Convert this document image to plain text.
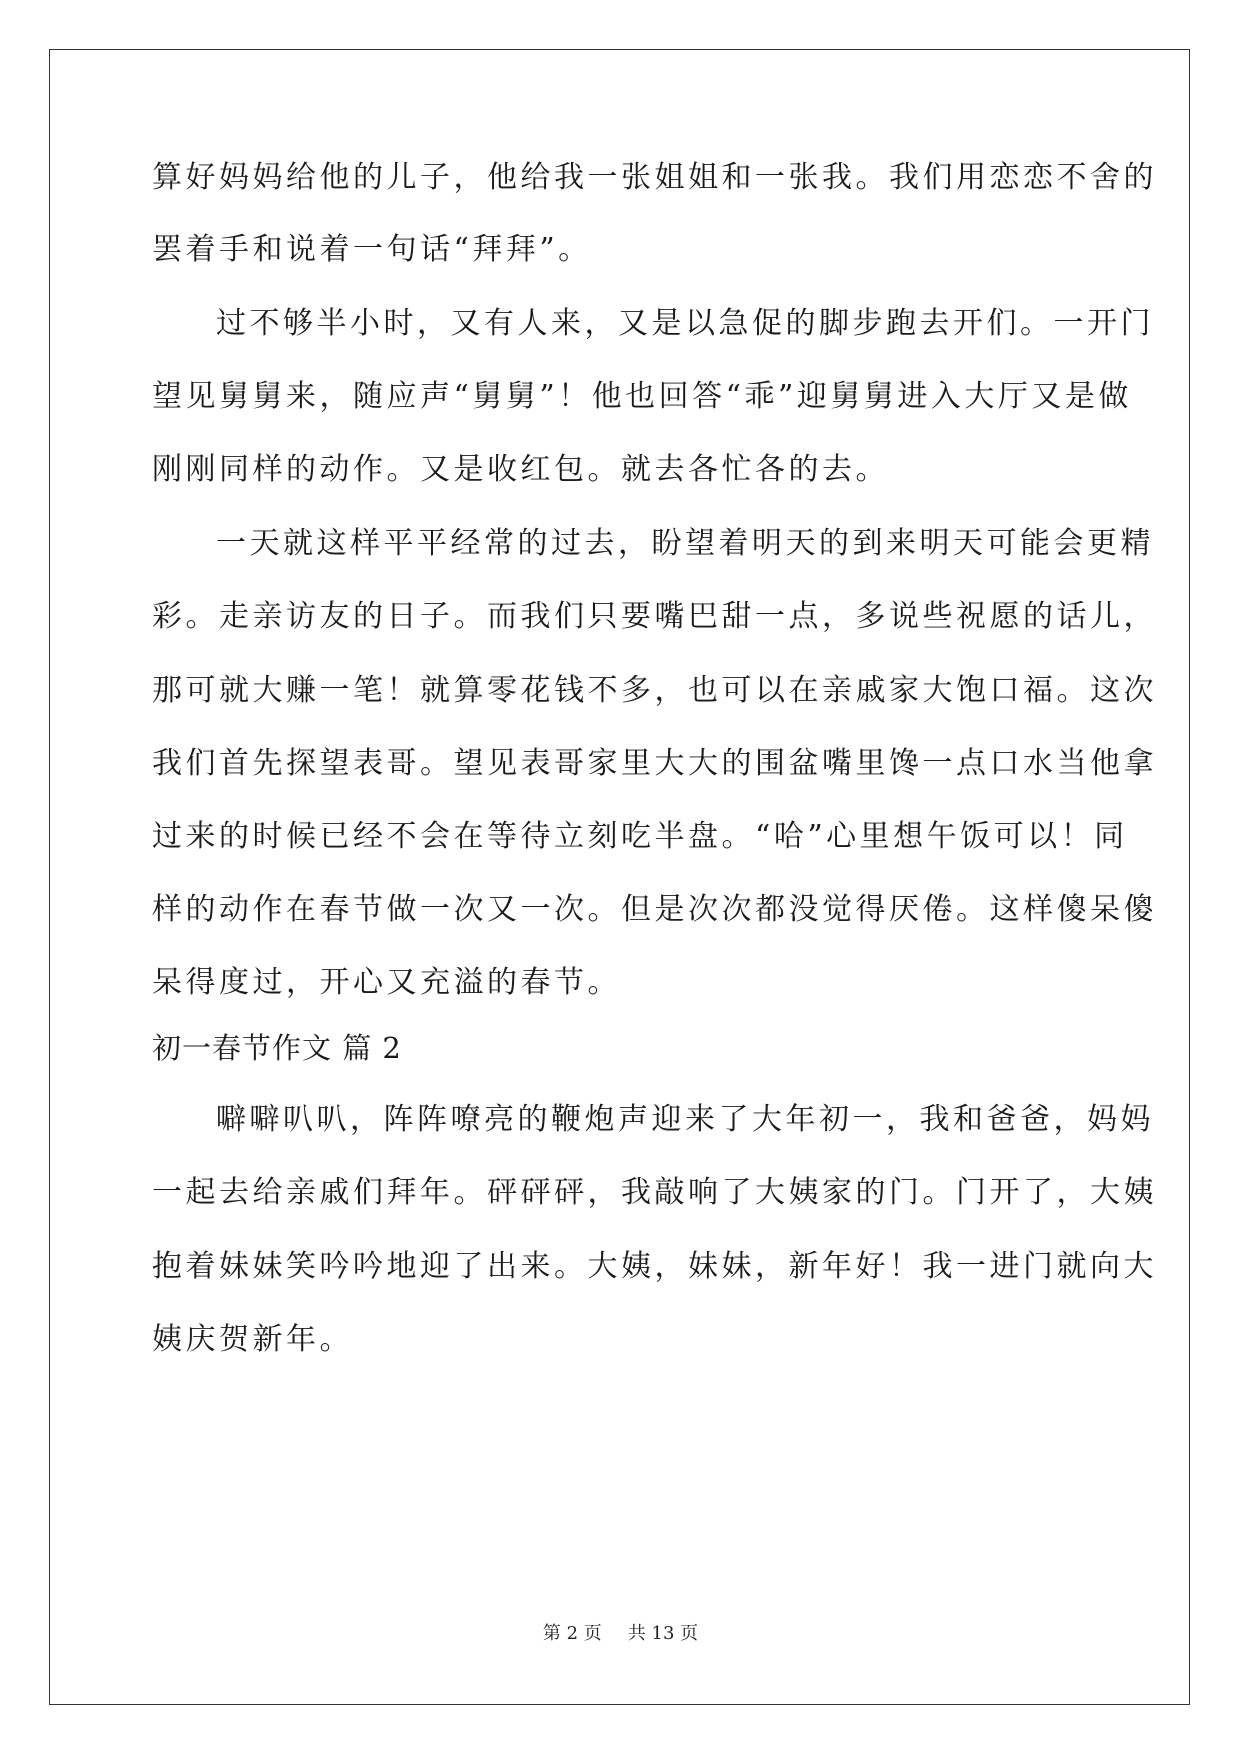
算好妈妈给他的儿子，他给我一张姐姐和一张我。我们用恋恋不舍的
罢着手和说着一句话“拜拜”。
过不够半小时，又有人来，又是以急促的脚步跑去开们。一开门
望见舅舅来，随应声“舅舅”！他也回答“乖”迎舅舅进入大厅又是做
刚刚同样的动作。又是收红包。就去各忙各的去。
一天就这样平平经常的过去，盼望着明天的到来明天可能会更精
彩。走亲访友的日子。而我们只要嘴巴甜一点，多说些祝愿的话儿，
那可就大赚一笔！就算零花钱不多，也可以在亲戚家大饱口福。这次
我们首先探望表哥。望见表哥家里大大的围盆嘴里馋一点口水当他拿
过来的时候已经不会在等待立刻吃半盘。“哈”心里想午饭可以！同
样的动作在春节做一次又一次。但是次次都没觉得厌倦。这样傻呆傻
呆得度过，开心又充溢的春节。
初一春节作文 篇 2
噼噼叭叭，阵阵嘹亮的鞭炮声迎来了大年初一，我和爸爸，妈妈
一起去给亲戚们拜年。砰砰砰，我敲响了大姨家的门。门开了，大姨
抱着妹妹笑吟吟地迎了出来。大姨，妹妹，新年好！我一进门就向大
姨庆贺新年。
第 2 页 共 13 页
